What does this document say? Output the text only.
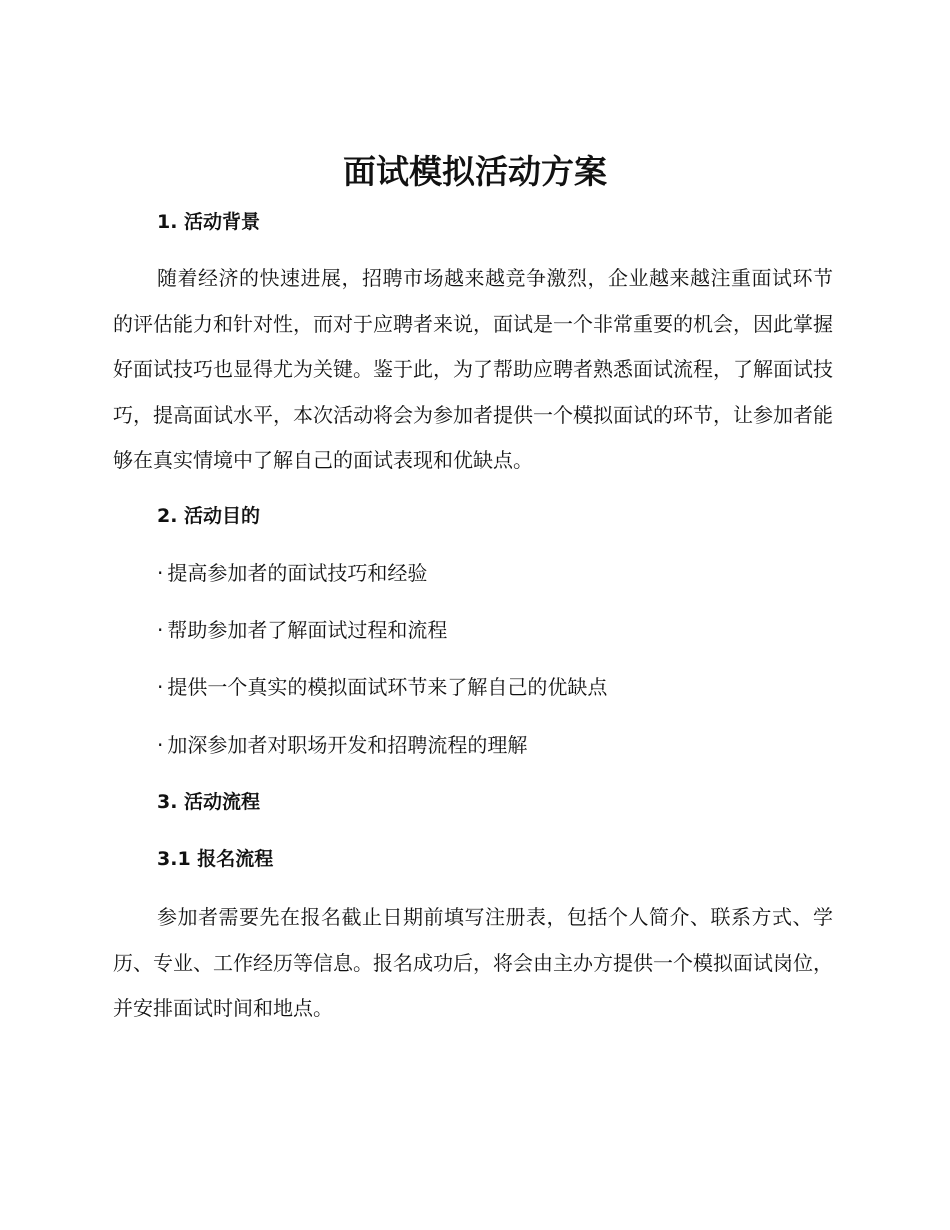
面试模拟活动方案
1. 活动背景

随着经济的快速进展，招聘市场越来越竞争激烈，企业越来越注重面试环节的评估能力和针对性，而对于应聘者来说，面试是一个非常重要的机会，因此掌握好面试技巧也显得尤为关键。鉴于此，为了帮助应聘者熟悉面试流程，了解面试技巧，提高面试水平，本次活动将会为参加者提供一个模拟面试的环节，让参加者能够在真实情境中了解自己的面试表现和优缺点。

2. 活动目的
· 提高参加者的面试技巧和经验
· 帮助参加者了解面试过程和流程
· 提供一个真实的模拟面试环节来了解自己的优缺点
· 加深参加者对职场开发和招聘流程的理解
3. 活动流程
3.1 报名流程

参加者需要先在报名截止日期前填写注册表，包括个人简介、联系方式、学历、专业、工作经历等信息。报名成功后，将会由主办方提供一个模拟面试岗位，并安排面试时间和地点。
